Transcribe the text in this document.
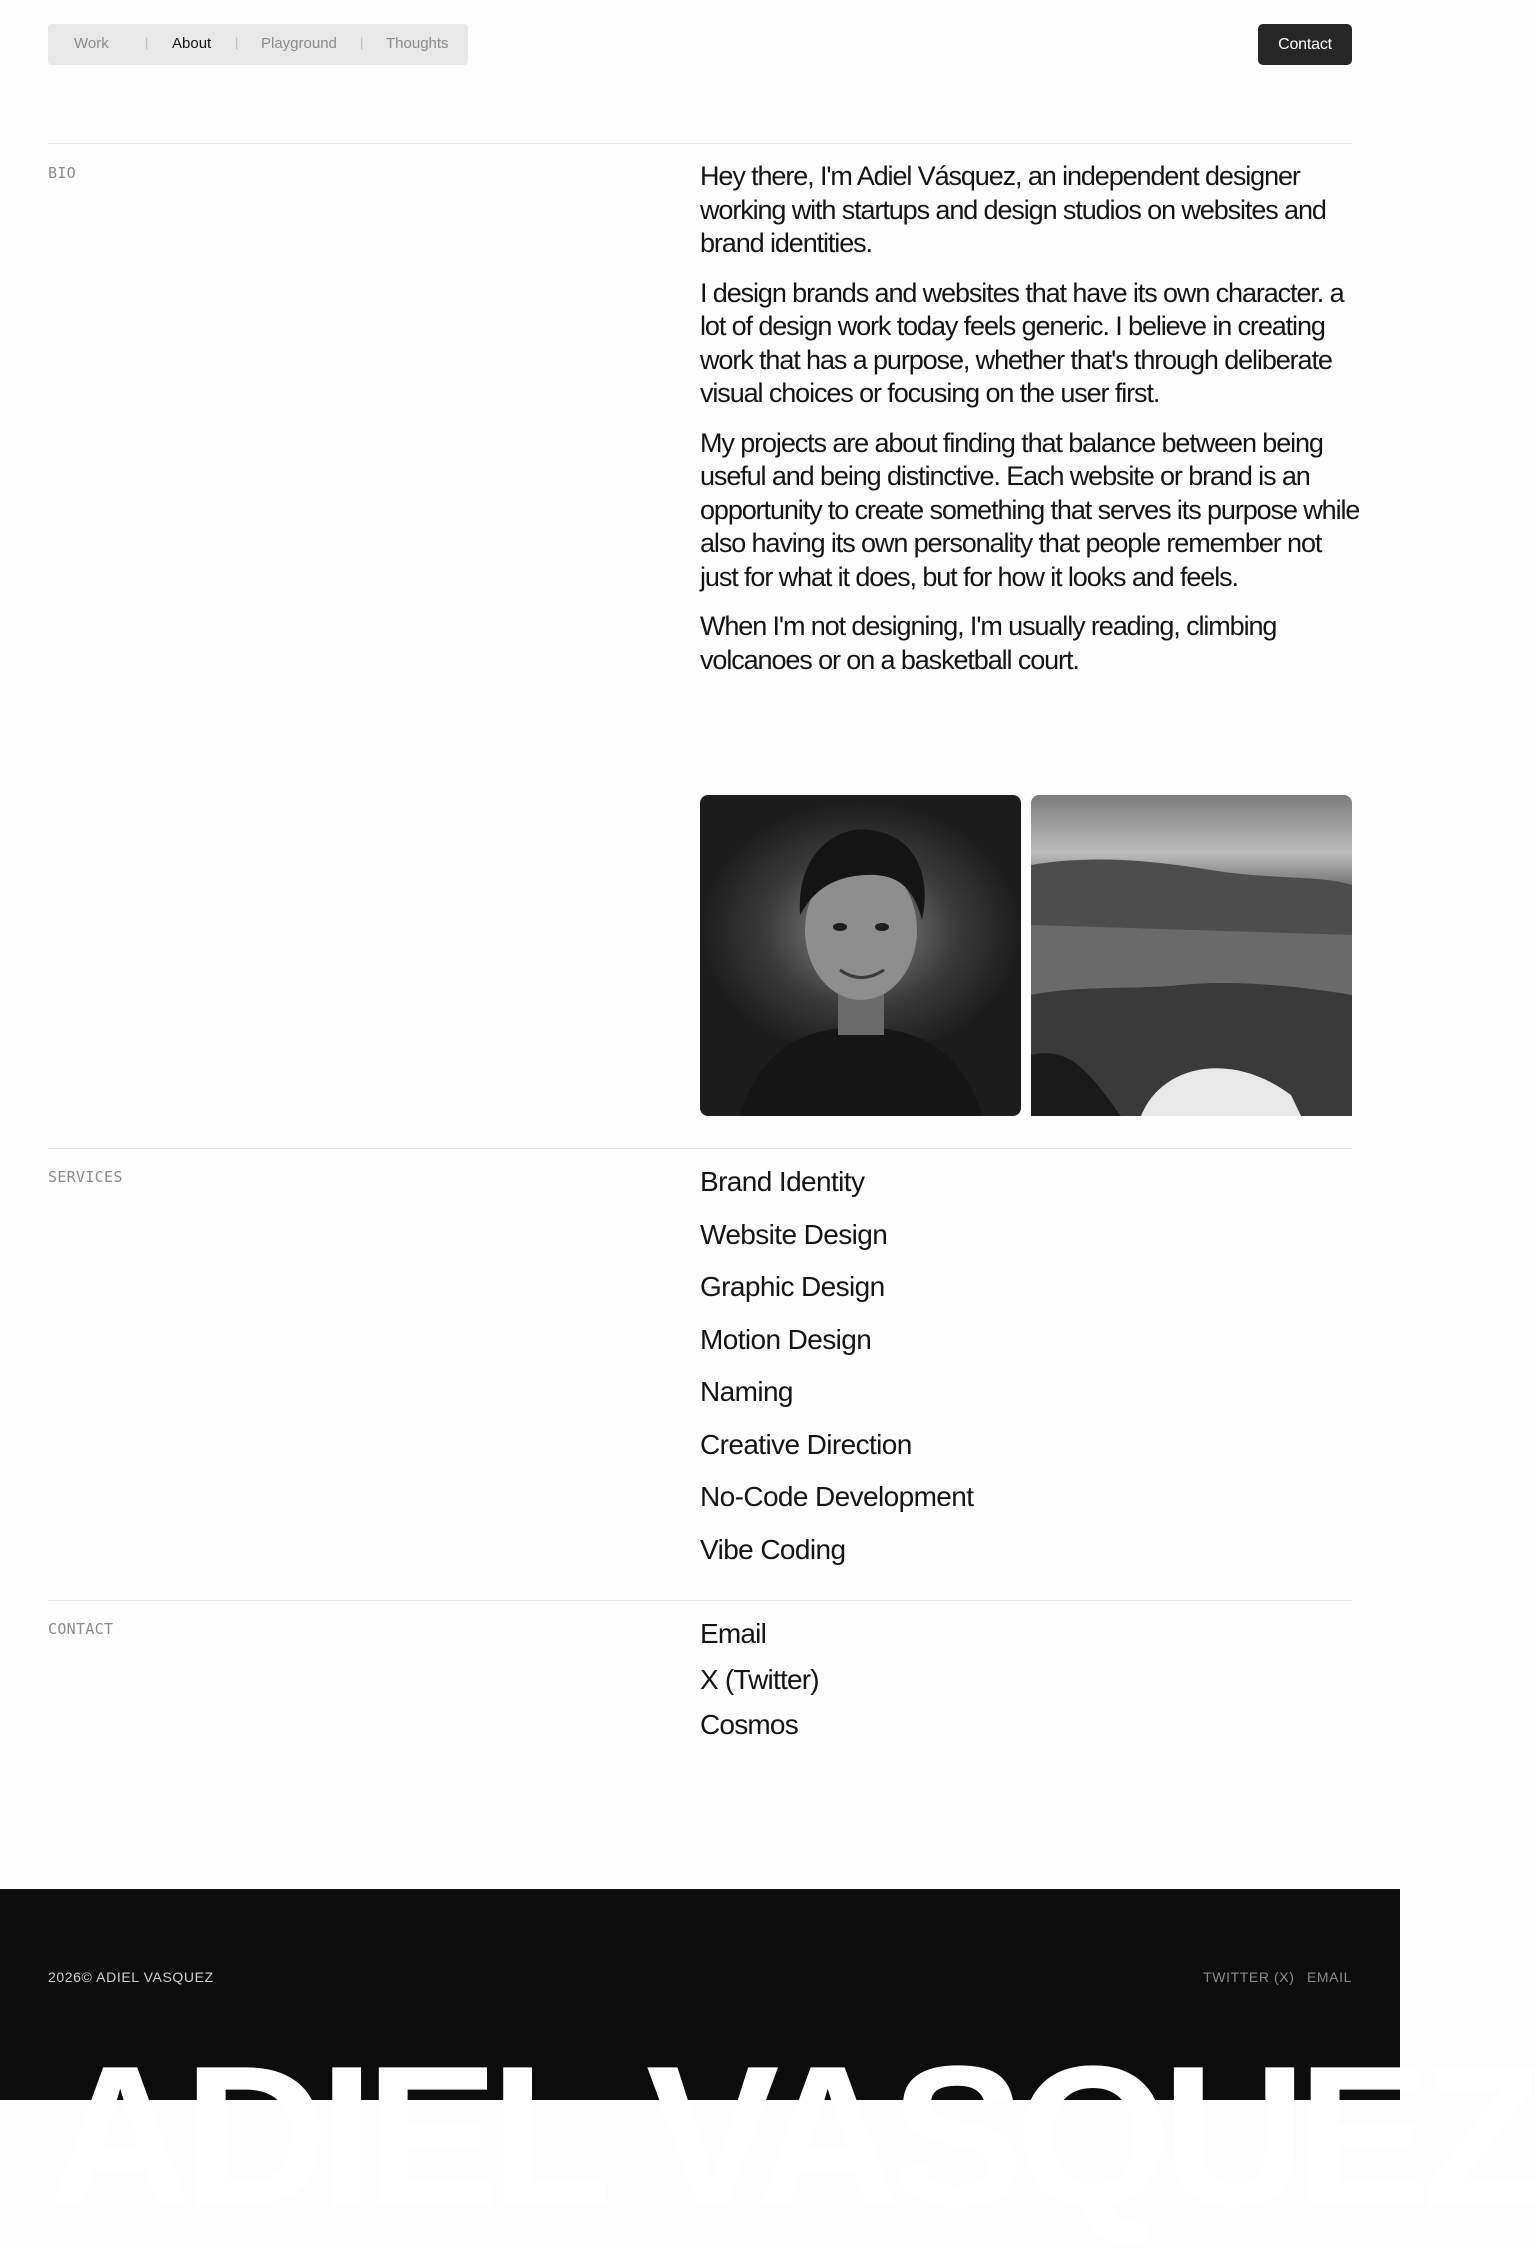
Work	| About | Playground | Thoughts	Contact
BIO	Hey there, I'm Adiel Vásquez, an independent designer working with startups and design studios on websites and brand identities.

I design brands and websites that have its own character. a lot of design work today feels generic. I believe in creating work that has a purpose, whether that's through deliberate visual choices or focusing on the user first.

My projects are about finding that balance between being useful and being distinctive. Each website or brand is an opportunity to create something that serves its purpose while also having its own personality that people remember not just for what it does, but for how it looks and feels.

When I'm not designing, I'm usually reading, climbing volcanoes or on a basketball court.

SERVICES	Brand Identity
Website Design
Graphic Design
Motion Design
Naming
Creative Direction
No-Code Development
Vibe Coding
CONTACT	Email
X (Twitter)
Cosmos
2026© ADIEL VASQUEZ	TWITTER (X) EMAIL
ADIEL VASQUEZ
